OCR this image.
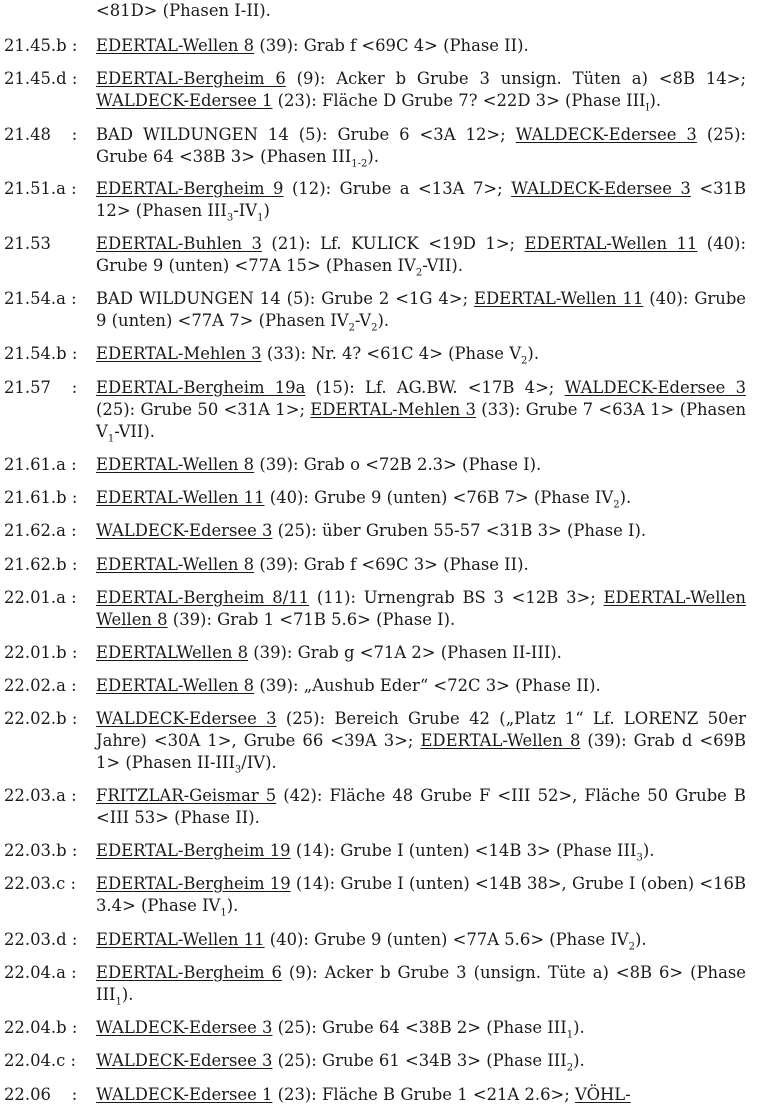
<81D> (Phasen I-II).
21.45.b : EDERTAL-Wellen 8 (39): Grab f <69C 4> (Phase II).
21.45.d : EDERTAL-Bergheim 6 (9): Acker b Grube 3 unsign. Tüten a) <8B 14>; WALDECK-Edersee 1 (23): Fläche D Grube 7? <22D 3> (Phase $III_I$).
21.48    : BAD WILDUNGEN 14 (5): Grube 6 <3A 12>; WALDECK-Edersee 3 (25): Grube 64 <38B 3> (Phasen $III_{1-2}$).
21.51.a : EDERTAL-Bergheim 9 (12): Grube a <13A 7>; WALDECK-Edersee 3 <31B 12> (Phasen $III_3-IV_1$)
21.53	EDERTAL-Buhlen 3 (21): Lf. KULICK <19D 1>; EDERTAL-Wellen 11 (40): Grube 9 (unten) <77A 15> (Phasen $IV_2-VII$).
21.54.a : BAD WILDUNGEN 14 (5): Grube 2 <1G 4>; EDERTAL-Wellen 11 (40): Grube 9 (unten) <77A 7> (Phasen $IV_2-V_2$).
21.54.b : EDERTAL-Mehlen 3 (33): Nr. 4? <61C 4> (Phase $V_2$).
21.57    : EDERTAL-Bergheim 19a (15): Lf. AG.BW. <17B 4>; WALDECK-Edersee 3 (25): Grube 50 <31A 1>; EDERTAL-Mehlen 3 (33): Grube 7 <63A 1> (Phasen $V_1-VII$).
21.61.a : EDERTAL-Wellen 8 (39): Grab o <72B 2.3> (Phase I).
21.61.b : EDERTAL-Wellen 11 (40): Grube 9 (unten) <76B 7> (Phase $IV_2$).
21.62.a : WALDECK-Edersee 3 (25): über Gruben 55-57 <31B 3> (Phase I).
21.62.b : EDERTAL-Wellen 8 (39): Grab f <69C 3> (Phase II).
22.01.a : EDERTAL-Bergheim 8/11 (11): Urnengrab BS 3 <12B 3>; EDERTAL-Wellen Wellen 8 (39): Grab 1 <71B 5.6> (Phase I).
22.01.b : EDERTALWellen 8 (39): Grab g <71A 2> (Phasen II-III).
22.02.a : EDERTAL-Wellen 8 (39): „Aushub Eder“ <72C 3> (Phase II).
22.02.b : WALDECK-Edersee 3 (25): Bereich Grube 42 („Platz 1“ Lf. LORENZ 50er Jahre) <30A 1>, Grube 66 <39A 3>; EDERTAL-Wellen 8 (39): Grab d <69B 1> (Phasen $II-III_3/IV$).
22.03.a : FRITZLAR-Geismar 5 (42): Fläche 48 Grube F <III 52>, Fläche 50 Grube B <III 53> (Phase II).
22.03.b : EDERTAL-Bergheim 19 (14): Grube I (unten) <14B 3> (Phase $III_3$).
22.03.c : EDERTAL-Bergheim 19 (14): Grube I (unten) <14B 38>, Grube I (oben) <16B 3.4> (Phase $IV_1$).
22.03.d : EDERTAL-Wellen 11 (40): Grube 9 (unten) <77A 5.6> (Phase $IV_2$).
22.04.a : EDERTAL-Bergheim 6 (9): Acker b Grube 3 (unsign. Tüte a) <8B 6> (Phase $III_1$).
22.04.b : WALDECK-Edersee 3 (25): Grube 64 <38B 2> (Phase $III_1$).
22.04.c : WALDECK-Edersee 3 (25): Grube 61 <34B 3> (Phase $III_2$).
22.06    : WALDECK-Edersee 1 (23): Fläche B Grube 1 <21A 2.6>; VÖHL-
